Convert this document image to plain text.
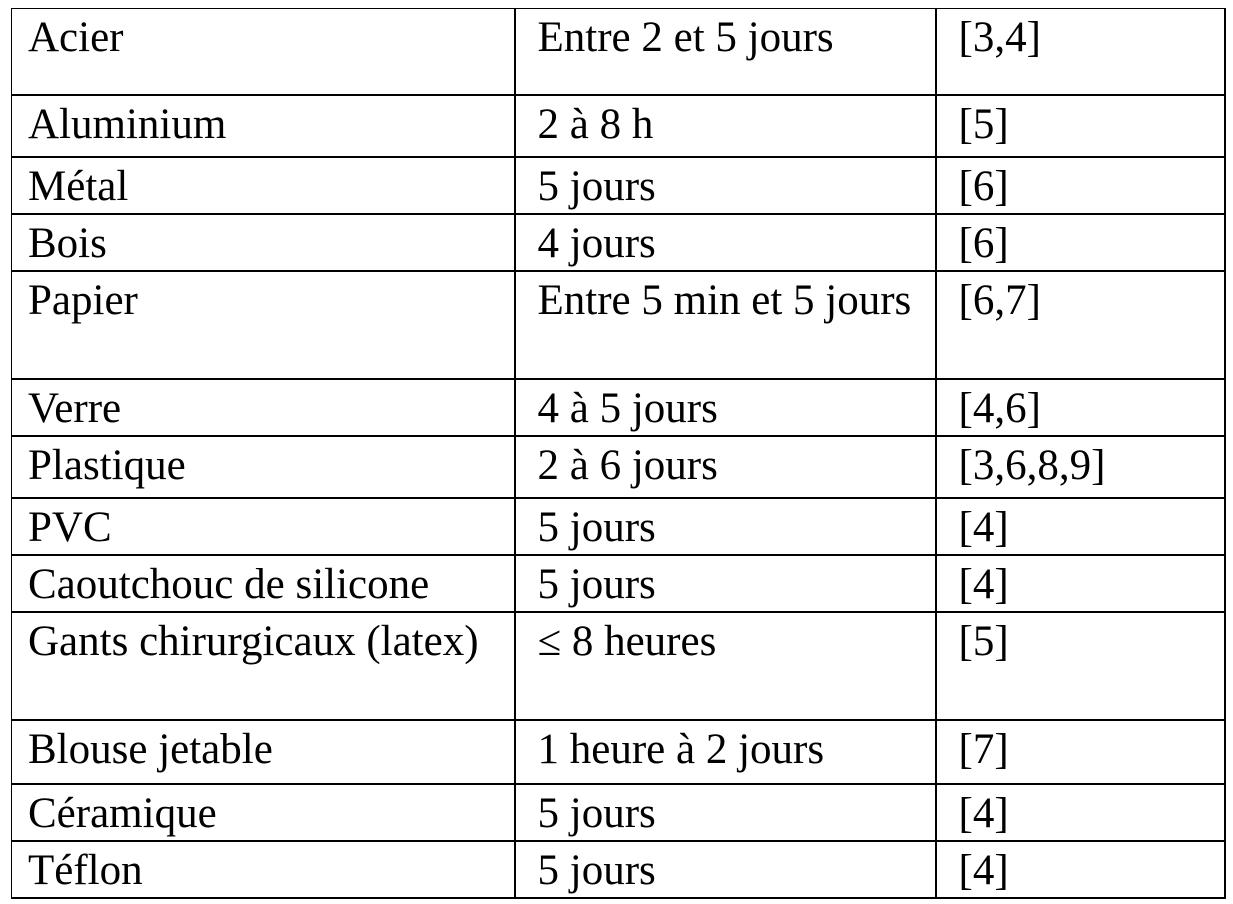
Acier	Entre 2 et 5 jours	[3,4]
Aluminium	2 à 8 h	[5]
Métal	5 jours	[6]
Bois	4 jours	[6]
Papier	Entre 5 min et 5 jours	[6,7]
Verre	4 à 5 jours	[4,6]
Plastique	2 à 6 jours	[3,6,8,9]
PVC	5 jours	[4]
Caoutchouc de silicone	5 jours	[4]
Gants chirurgicaux (latex)	≤ 8 heures	[5]
Blouse jetable	1 heure à 2 jours	[7]
Céramique	5 jours	[4]
Téflon	5 jours	[4]
